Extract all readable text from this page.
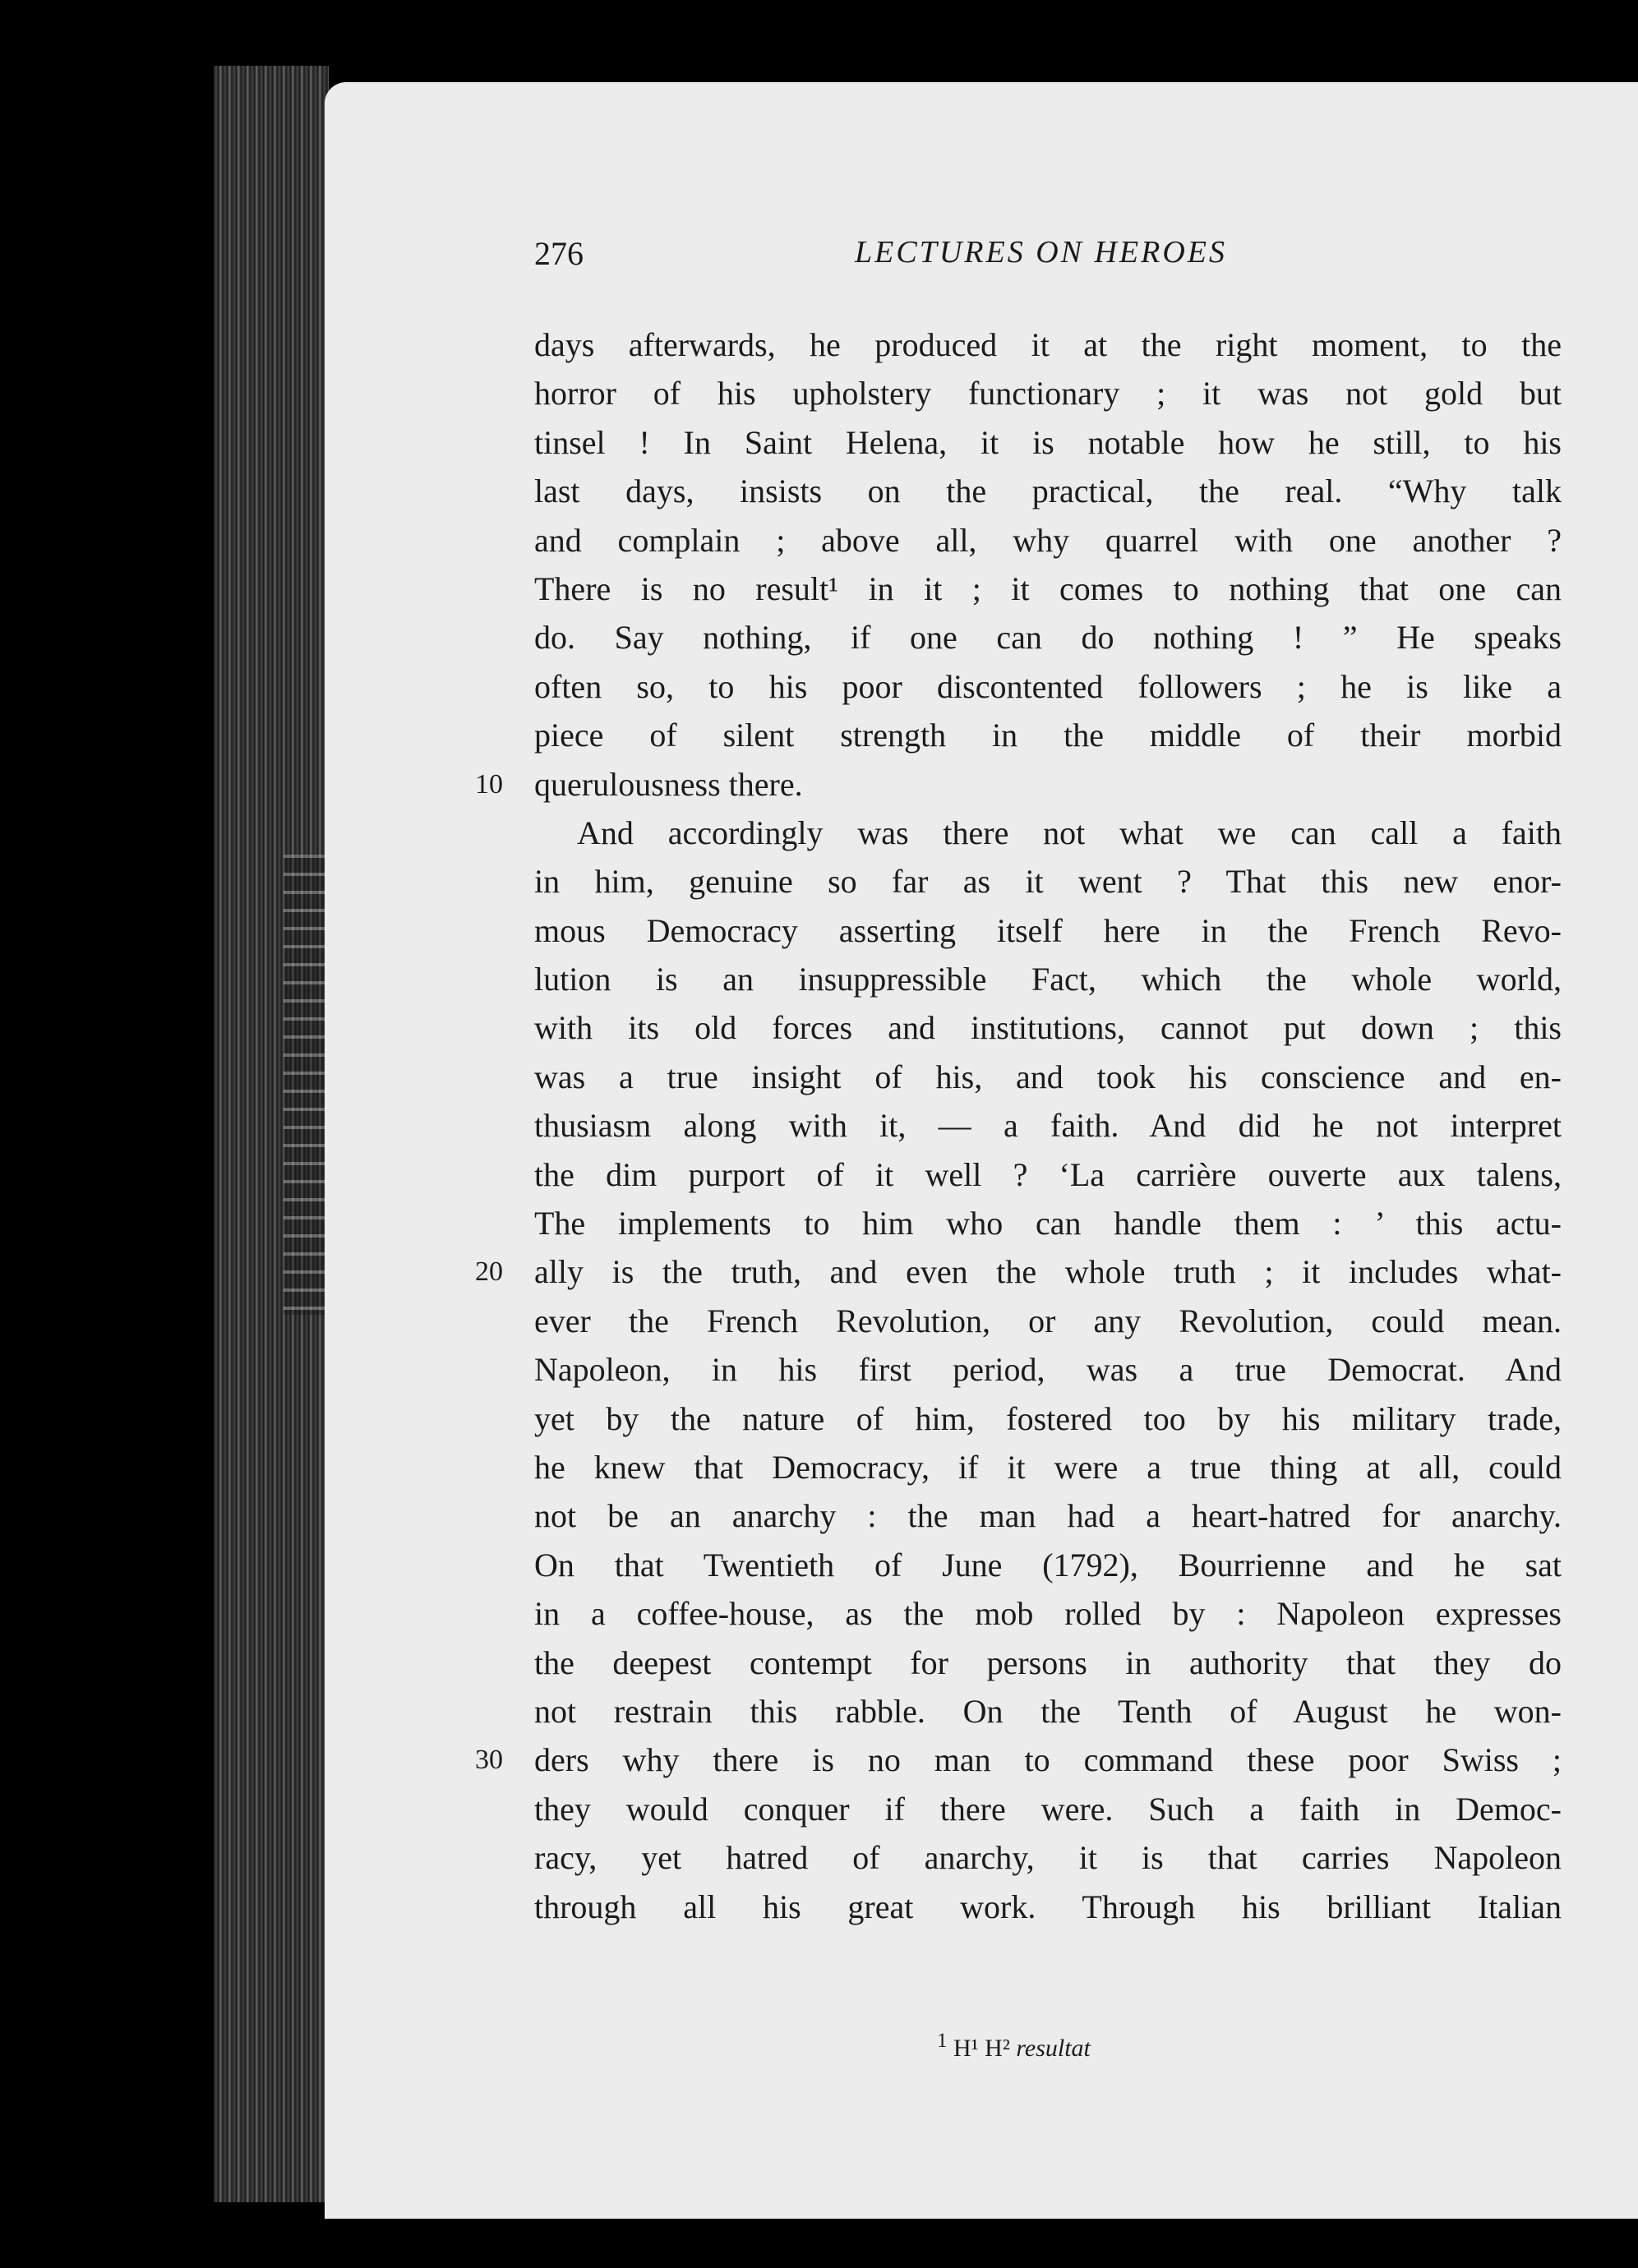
276	LECTURES ON HEROES
days afterwards, he produced it at the right moment, to the
horror of his upholstery functionary ; it was not gold but
tinsel ! In Saint Helena, it is notable how he still, to his
last days, insists on the practical, the real. “Why talk
and complain ; above all, why quarrel with one another ?
There is no result¹ in it ; it comes to nothing that one can
do. Say nothing, if one can do nothing ! ” He speaks
often so, to his poor discontented followers ; he is like a
piece of silent strength in the middle of their morbid
10 querulousness there.
And accordingly was there not what we can call a faith
in him, genuine so far as it went ? That this new enor-
mous Democracy asserting itself here in the French Revo-
lution is an insuppressible Fact, which the whole world,
with its old forces and institutions, cannot put down ; this
was a true insight of his, and took his conscience and en-
thusiasm along with it, — a faith. And did he not interpret
the dim purport of it well ? ‘La carrière ouverte aux talens,
The implements to him who can handle them : ’ this actu-
20 ally is the truth, and even the whole truth ; it includes what-
ever the French Revolution, or any Revolution, could mean.
Napoleon, in his first period, was a true Democrat. And
yet by the nature of him, fostered too by his military trade,
he knew that Democracy, if it were a true thing at all, could
not be an anarchy : the man had a heart-hatred for anarchy.
On that Twentieth of June (1792), Bourrienne and he sat
in a coffee-house, as the mob rolled by : Napoleon expresses
the deepest contempt for persons in authority that they do
not restrain this rabble. On the Tenth of August he won-
30 ders why there is no man to command these poor Swiss ;
they would conquer if there were. Such a faith in Democ-
racy, yet hatred of anarchy, it is that carries Napoleon
through all his great work. Through his brilliant Italian
$^1$ H¹ H² resultat
